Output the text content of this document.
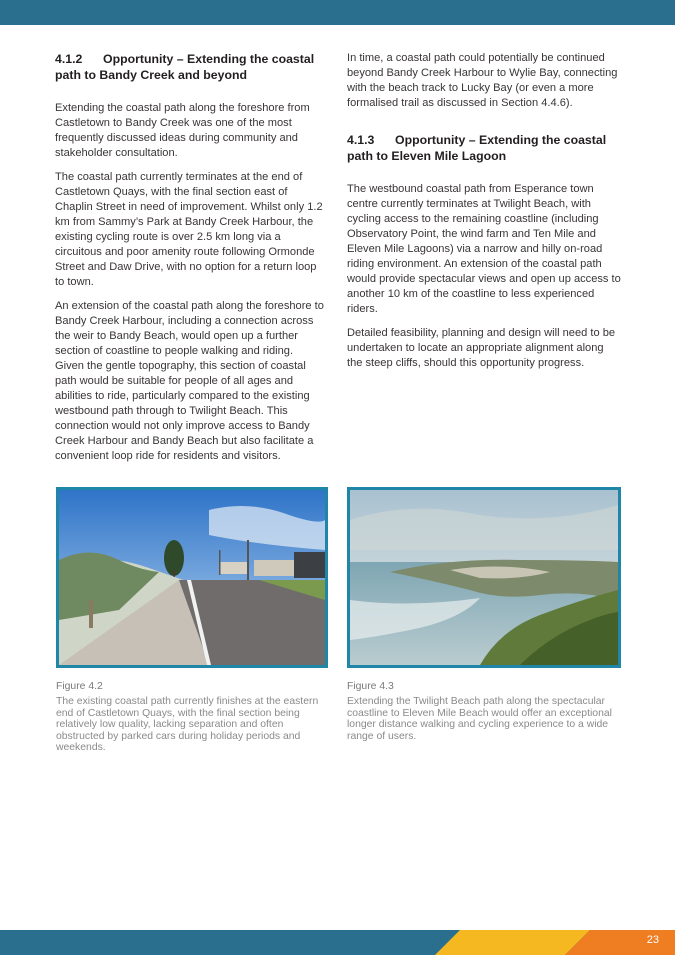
4.1.2 Opportunity – Extending the coastal path to Bandy Creek and beyond

Extending the coastal path along the foreshore from Castletown to Bandy Creek was one of the most frequently discussed ideas during community and stakeholder consultation.

The coastal path currently terminates at the end of Castletown Quays, with the final section east of Chaplin Street in need of improvement. Whilst only 1.2 km from Sammy’s Park at Bandy Creek Harbour, the existing cycling route is over 2.5 km long via a circuitous and poor amenity route following Ormonde Street and Daw Drive, with no option for a return loop to town.

An extension of the coastal path along the foreshore to Bandy Creek Harbour, including a connection across the weir to Bandy Beach, would open up a further section of coastline to people walking and riding. Given the gentle topography, this section of coastal path would be suitable for people of all ages and abilities to ride, particularly compared to the existing westbound path through to Twilight Beach. This connection would not only improve access to Bandy Creek Harbour and Bandy Beach but also facilitate a convenient loop ride for residents and visitors.

In time, a coastal path could potentially be continued beyond Bandy Creek Harbour to Wylie Bay, connecting with the beach track to Lucky Bay (or even a more formalised trail as discussed in Section 4.4.6).

4.1.3 Opportunity – Extending the coastal path to Eleven Mile Lagoon

The westbound coastal path from Esperance town centre currently terminates at Twilight Beach, with cycling access to the remaining coastline (including Observatory Point, the wind farm and Ten Mile and Eleven Mile Lagoons) via a narrow and hilly on-road riding environment. An extension of the coastal path would provide spectacular views and open up access to another 10 km of the coastline to less experienced riders.

Detailed feasibility, planning and design will need to be undertaken to locate an appropriate alignment along the steep cliffs, should this opportunity progress.

Figure 4.2
The existing coastal path currently finishes at the eastern end of Castletown Quays, with the final section being relatively low quality, lacking separation and often obstructed by parked cars during holiday periods and weekends.
Figure 4.3
Extending the Twilight Beach path along the spectacular coastline to Eleven Mile Beach would offer an exceptional longer distance walking and cycling experience to a wide range of users.
23
